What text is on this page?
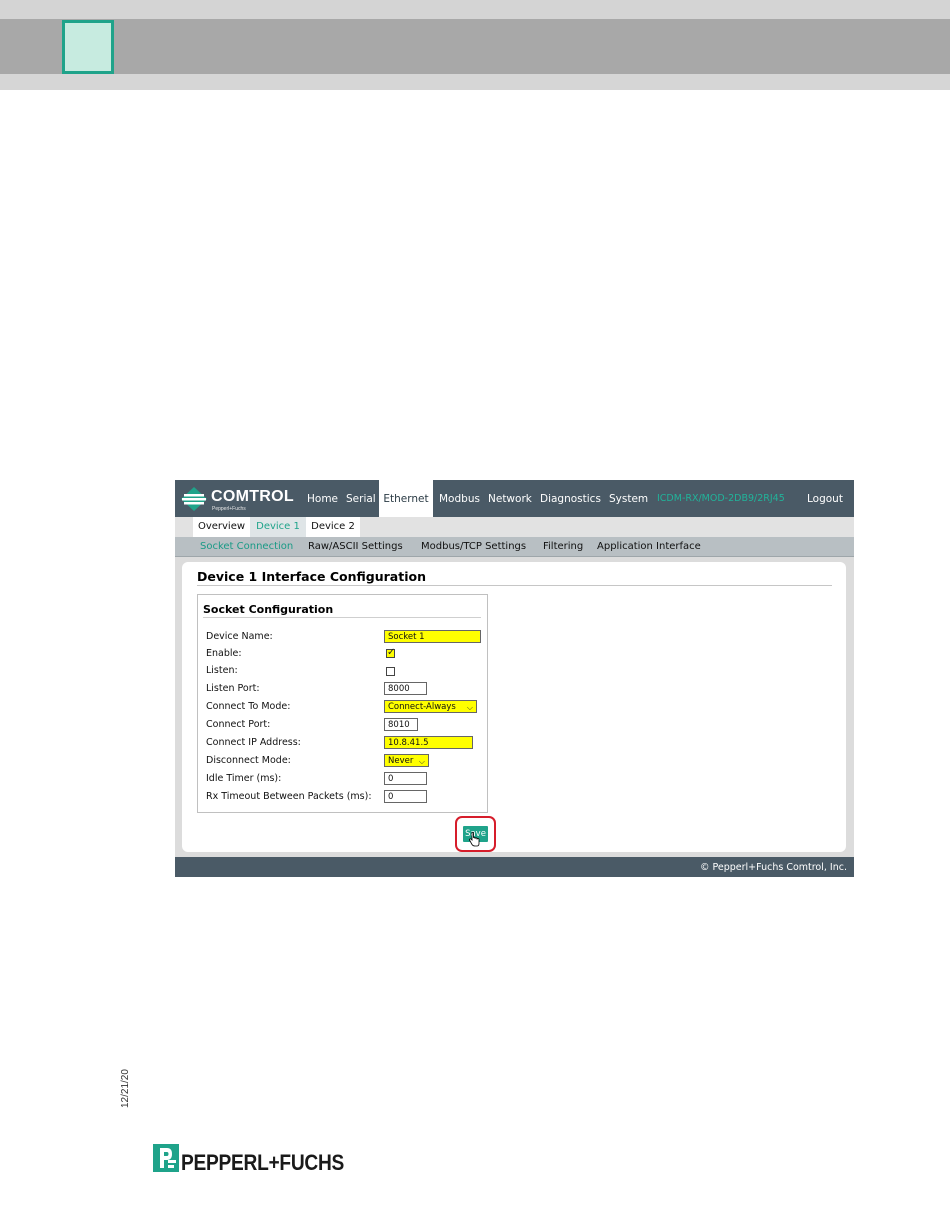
COMTROL
Pepperl+Fuchs
Home Serial Ethernet Modbus Network Diagnostics System ICDM-RX/MOD-2DB9/2RJ45 Logout
Overview	Device 1	Device 2
Socket Connection Raw/ASCII Settings Modbus/TCP Settings Filtering Application Interface
Device 1 Interface Configuration
Socket Configuration
Device Name:	Socket 1
Enable:	✓
Listen:
Listen Port:	8000
Connect To Mode:	Connect-Always ⌵
Connect Port:	8010
Connect IP Address:	10.8.41.5
Disconnect Mode:	Never ⌵
Idle Timer (ms):	0
Rx Timeout Between Packets (ms):	0
Save
© Pepperl+Fuchs Comtrol, Inc.
12/21/20
PEPPERL+FUCHS
